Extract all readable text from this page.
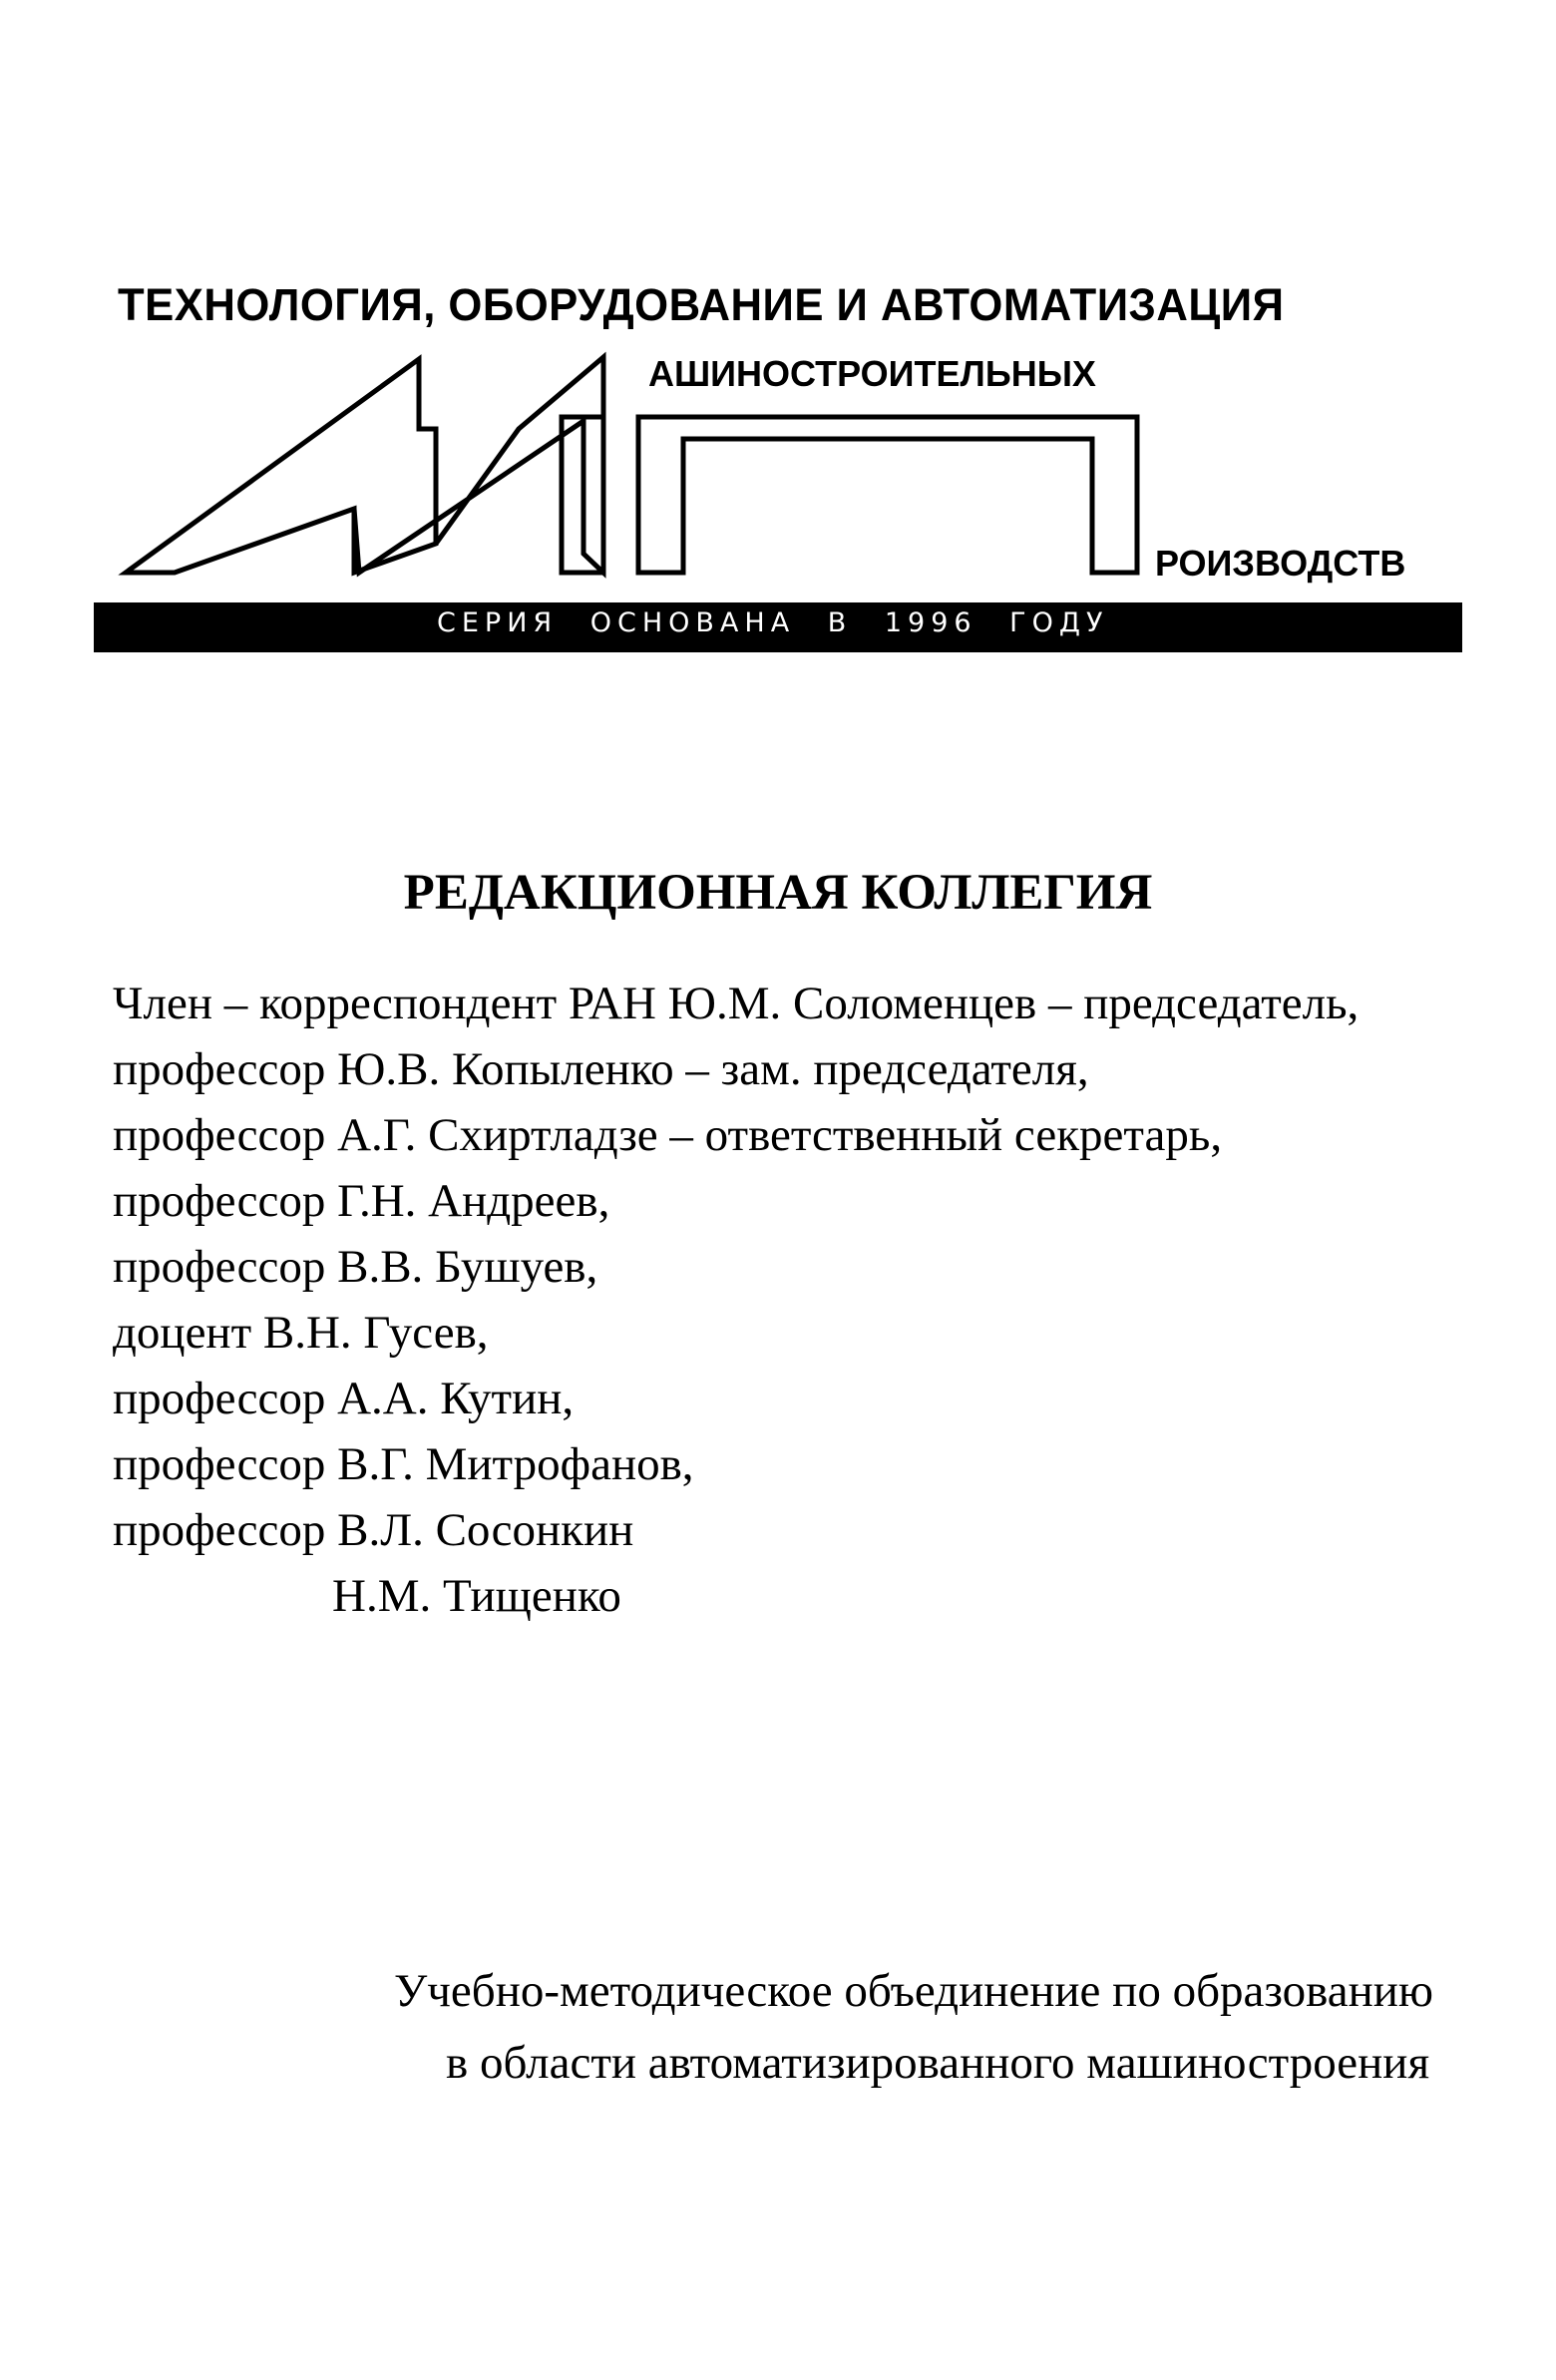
ТЕХНОЛОГИЯ, ОБОРУДОВАНИЕ И АВТОМАТИЗАЦИЯ
АШИНОСТРОИТЕЛЬНЫХ
РОИЗВОДСТВ
СЕРИЯ ОСНОВАНА В 1996 ГОДУ
РЕДАКЦИОННАЯ КОЛЛЕГИЯ
Член – корреспондент РАН Ю.М. Соломенцев – председатель,
профессор Ю.В. Копыленко – зам. председателя,
профессор А.Г. Схиртладзе – ответственный секретарь,
профессор Г.Н. Андреев,
профессор В.В. Бушуев,
доцент В.Н. Гусев,
профессор А.А. Кутин,
профессор В.Г. Митрофанов,
профессор В.Л. Сосонкин
Н.М. Тищенко
Учебно-методическое объединение по образованию
в области автоматизированного машиностроения
